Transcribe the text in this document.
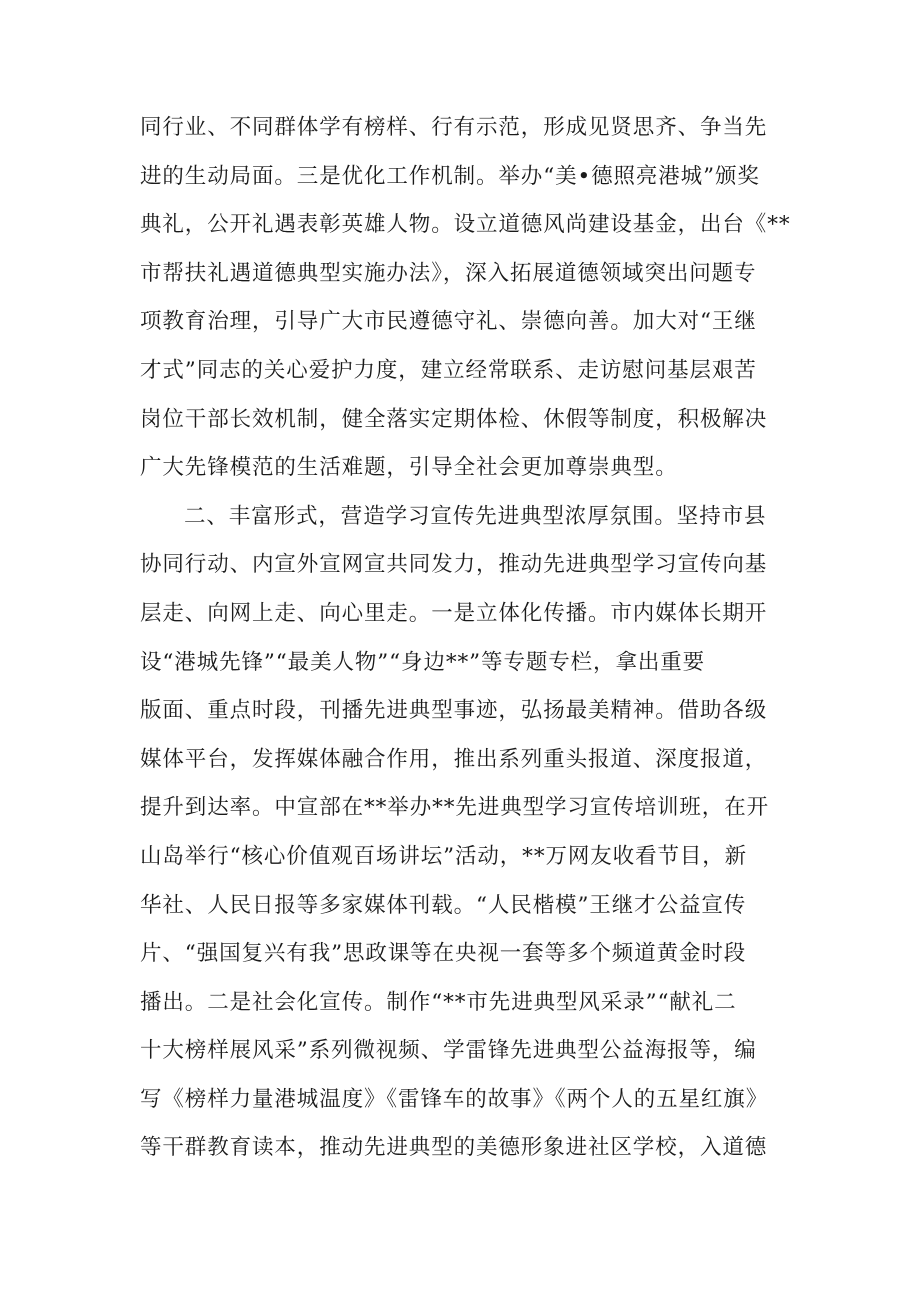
同行业、不同群体学有榜样、行有示范，形成见贤思齐、争当先
进的生动局面。三是优化工作机制。举办“美•德照亮港城”颁奖
典礼，公开礼遇表彰英雄人物。设立道德风尚建设基金，出台《**
市帮扶礼遇道德典型实施办法》，深入拓展道德领域突出问题专
项教育治理，引导广大市民遵德守礼、崇德向善。加大对“王继
才式”同志的关心爱护力度，建立经常联系、走访慰问基层艰苦
岗位干部长效机制，健全落实定期体检、休假等制度，积极解决
广大先锋模范的生活难题，引导全社会更加尊崇典型。
二、丰富形式，营造学习宣传先进典型浓厚氛围。坚持市县
协同行动、内宣外宣网宣共同发力，推动先进典型学习宣传向基
层走、向网上走、向心里走。一是立体化传播。市内媒体长期开
设“港城先锋”“最美人物”“身边**”等专题专栏，拿出重要
版面、重点时段，刊播先进典型事迹，弘扬最美精神。借助各级
媒体平台，发挥媒体融合作用，推出系列重头报道、深度报道，
提升到达率。中宣部在**举办**先进典型学习宣传培训班，在开
山岛举行“核心价值观百场讲坛”活动，**万网友收看节目，新
华社、人民日报等多家媒体刊载。“人民楷模”王继才公益宣传
片、“强国复兴有我”思政课等在央视一套等多个频道黄金时段
播出。二是社会化宣传。制作“**市先进典型风采录”“献礼二
十大榜样展风采”系列微视频、学雷锋先进典型公益海报等，编
写《榜样力量港城温度》《雷锋车的故事》《两个人的五星红旗》
等干群教育读本，推动先进典型的美德形象进社区学校，入道德
